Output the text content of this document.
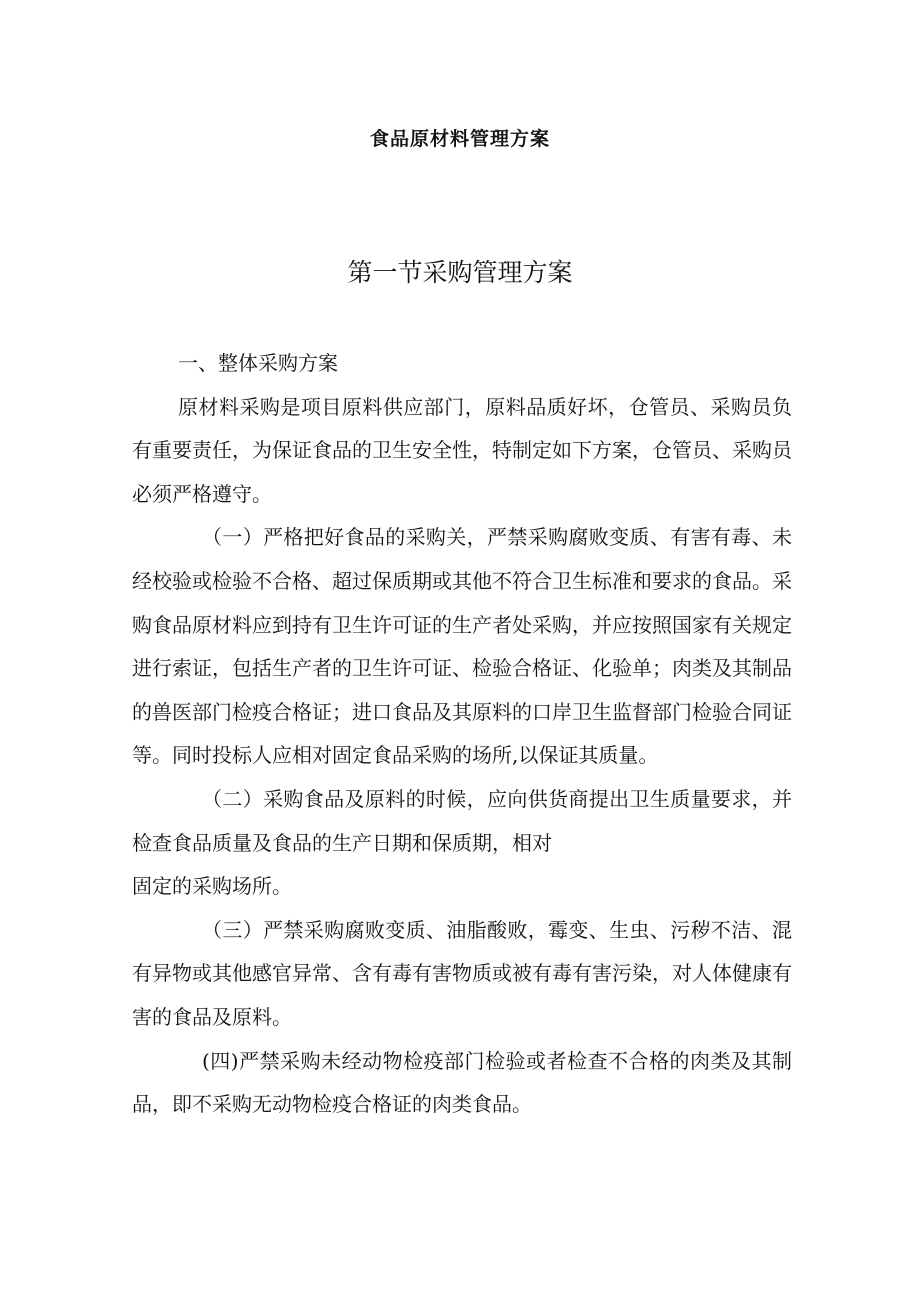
食品原材料管理方案
第一节采购管理方案

一、整体采购方案

原材料采购是项目原料供应部门，原料品质好坏，仓管员、采购员负有重要责任，为保证食品的卫生安全性，特制定如下方案，仓管员、采购员必须严格遵守。

（一）严格把好食品的采购关，严禁采购腐败变质、有害有毒、未经校验或检验不合格、超过保质期或其他不符合卫生标准和要求的食品。采购食品原材料应到持有卫生许可证的生产者处采购，并应按照国家有关规定进行索证，包括生产者的卫生许可证、检验合格证、化验单；肉类及其制品的兽医部门检疫合格证；进口食品及其原料的口岸卫生监督部门检验合同证等。同时投标人应相对固定食品采购的场所,以保证其质量。

（二）采购食品及原料的时候，应向供货商提出卫生质量要求，并检查食品质量及食品的生产日期和保质期，相对

固定的采购场所。

（三）严禁采购腐败变质、油脂酸败，霉变、生虫、污秽不洁、混有异物或其他感官异常、含有毒有害物质或被有毒有害污染，对人体健康有害的食品及原料。

(四)严禁采购未经动物检疫部门检验或者检查不合格的肉类及其制品，即不采购无动物检疫合格证的肉类食品。
